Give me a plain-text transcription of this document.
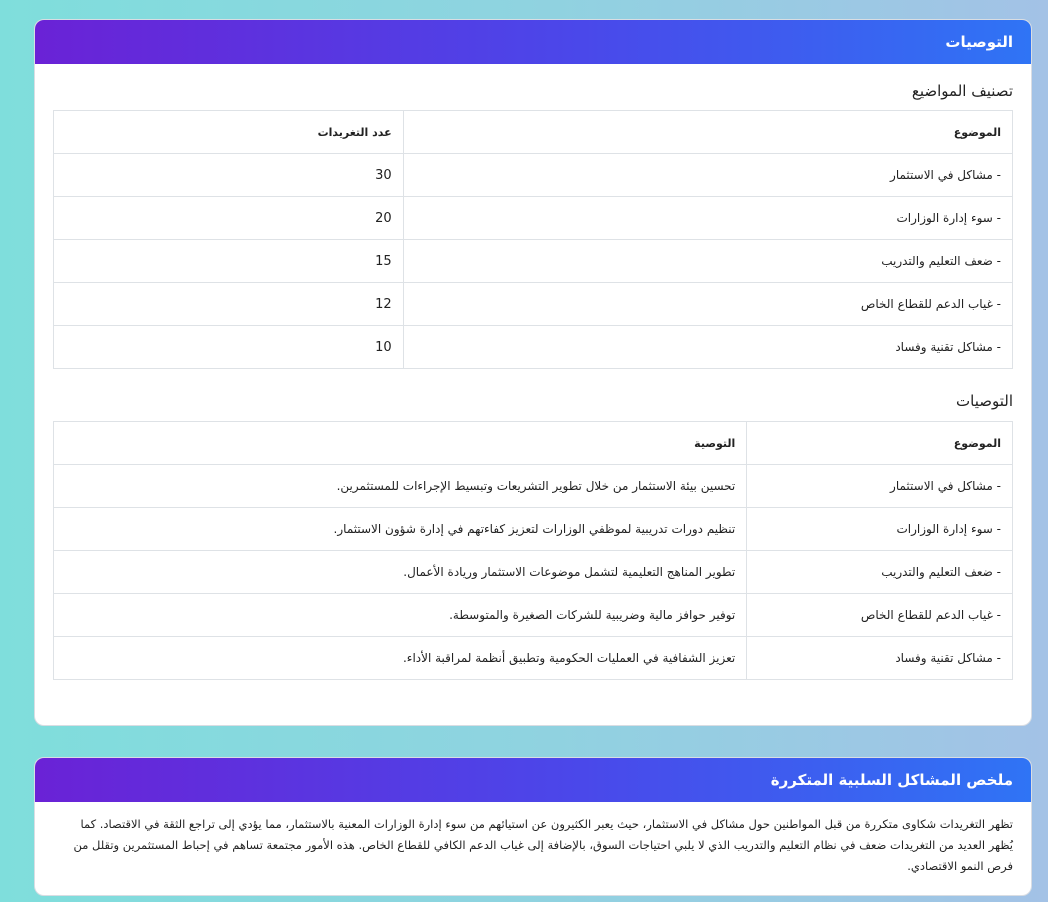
التوصيات
تصنيف المواضيع
الموضوع	عدد التغريدات
- مشاكل في الاستثمار	30
- سوء إدارة الوزارات	20
- ضعف التعليم والتدريب	15
- غياب الدعم للقطاع الخاص	12
- مشاكل تقنية وفساد	10
التوصيات
الموضوع	التوصية
- مشاكل في الاستثمار	تحسين بيئة الاستثمار من خلال تطوير التشريعات وتبسيط الإجراءات للمستثمرين.
- سوء إدارة الوزارات	تنظيم دورات تدريبية لموظفي الوزارات لتعزيز كفاءتهم في إدارة شؤون الاستثمار.
- ضعف التعليم والتدريب	تطوير المناهج التعليمية لتشمل موضوعات الاستثمار وريادة الأعمال.
- غياب الدعم للقطاع الخاص	توفير حوافز مالية وضريبية للشركات الصغيرة والمتوسطة.
- مشاكل تقنية وفساد	تعزيز الشفافية في العمليات الحكومية وتطبيق أنظمة لمراقبة الأداء.
ملخص المشاكل السلبية المتكررة

تظهر التغريدات شكاوى متكررة من قبل المواطنين حول مشاكل في الاستثمار، حيث يعبر الكثيرون عن استيائهم من سوء إدارة الوزارات المعنية بالاستثمار، مما يؤدي إلى تراجع الثقة في الاقتصاد. كما يُظهر العديد من التغريدات ضعف في نظام التعليم والتدريب الذي لا يلبي احتياجات السوق، بالإضافة إلى غياب الدعم الكافي للقطاع الخاص. هذه الأمور مجتمعة تساهم في إحباط المستثمرين وتقلل من فرص النمو الاقتصادي.
